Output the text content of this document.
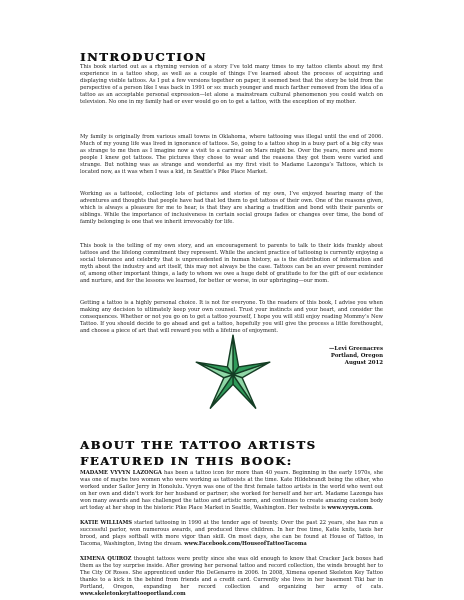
INTRODUCTION

This book started out as a rhyming version of a story I’ve told many times to my tattoo clients about my first experience in a tattoo shop, as well as a couple of things I’ve learned about the process of acquiring and displaying visible tattoos. As I put a few versions together on paper, it seemed best that the story be told from the perspective of a person like I was back in 1991 or so: much younger and much farther removed from the idea of a tattoo as an acceptable personal expression—let alone a mainstream cultural phenomenon you could watch on television. No one in my family had or ever would go on to get a tattoo, with the exception of my mother.

My family is originally from various small towns in Oklahoma, where tattooing was illegal until the end of 2006. Much of my young life was lived in ignorance of tattoos. So, going to a tattoo shop in a busy part of a big city was as strange to me then as I imagine now a visit to a carnival on Mars might be. Over the years, more and more people I knew got tattoos. The pictures they chose to wear and the reasons they got them were varied and strange. But nothing was as strange and wonderful as my first visit to Madame Lazonga’s Tattoos, which is located now, as it was when I was a kid, in Seattle’s Pike Place Market.

Working as a tattooist, collecting lots of pictures and stories of my own, I’ve enjoyed hearing many of the adventures and thoughts that people have had that led them to get tattoos of their own. One of the reasons given, which is always a pleasure for me to hear, is that they are sharing a tradition and bond with their parents or siblings. While the importance of inclusiveness in certain social groups fades or changes over time, the bond of family belonging is one that we inherit irrevocably for life.

This book is the telling of my own story, and an encouragement to parents to talk to their kids frankly about tattoos and the lifelong commitment they represent. While the ancient practice of tattooing is currently enjoying a social tolerance and celebrity that is unprecedented in human history, as is the distribution of information and myth about the industry and art itself, this may not always be the case. Tattoos can be an ever present reminder of, among other important things, a lady to whom we owe a huge debt of gratitude to for the gift of our existence and nurture, and for the lessons we learned, for better or worse, in our upbringing—our mom.

Getting a tattoo is a highly personal choice. It is not for everyone. To the readers of this book, I advise you when making any decision to ultimately keep your own counsel. Trust your instincts and your heart, and consider the consequences. Whether or not you go on to get a tattoo yourself, I hope you will still enjoy reading Mommy’s New Tattoo. If you should decide to go ahead and get a tattoo, hopefully you will give the process a little forethought, and choose a piece of art that will reward you with a lifetime of enjoyment.

—Levi Greenacres
Portland, Oregon
August 2012
ABOUT THE TATTOO ARTISTS
FEATURED IN THIS BOOK:

MADAME VYVYN LAZONGA has been a tattoo icon for more than 40 years. Beginning in the early 1970s, she was one of maybe two women who were working as tattooists at the time. Kate Hildebrandt being the other, who worked under Sailor Jerry in Honolulu. Vyvyn was one of the first female tattoo artists in the world who went out on her own and didn’t work for her husband or partner; she worked for herself and her art. Madame Lazonga has won many awards and has challenged the tattoo and artistic norm, and continues to create amazing custom body art today at her shop in the historic Pike Place Market in Seattle, Washington. Her website is www.vyvyn.com.

KATIE WILLIAMS started tattooing in 1990 at the tender age of twenty. Over the past 22 years, she has run a successful parlor, won numerous awards, and produced three children. In her free time, Katie knits, taxis her brood, and plays softball with more vigor than skill. On most days, she can be found at House of Tattoo, in Tacoma, Washington, living the dream. www.Facebook.com/HouseofTattooTacoma

XIMENA QUIROZ thought tattoos were pretty since she was old enough to know that Cracker Jack boxes had them as the toy surprise inside. After growing her personal tattoo and record collection, the winds brought her to The City Of Roses. She apprenticed under Rio DeGenarro in 2006. In 2008, Ximena opened Skeleton Key Tattoo thanks to a kick in the behind from friends and a credit card. Currently she lives in her basement Tiki bar in Portland, Oregon, expanding her record collection and organizing her army of cats. www.skeletonkeytattooportland.com
